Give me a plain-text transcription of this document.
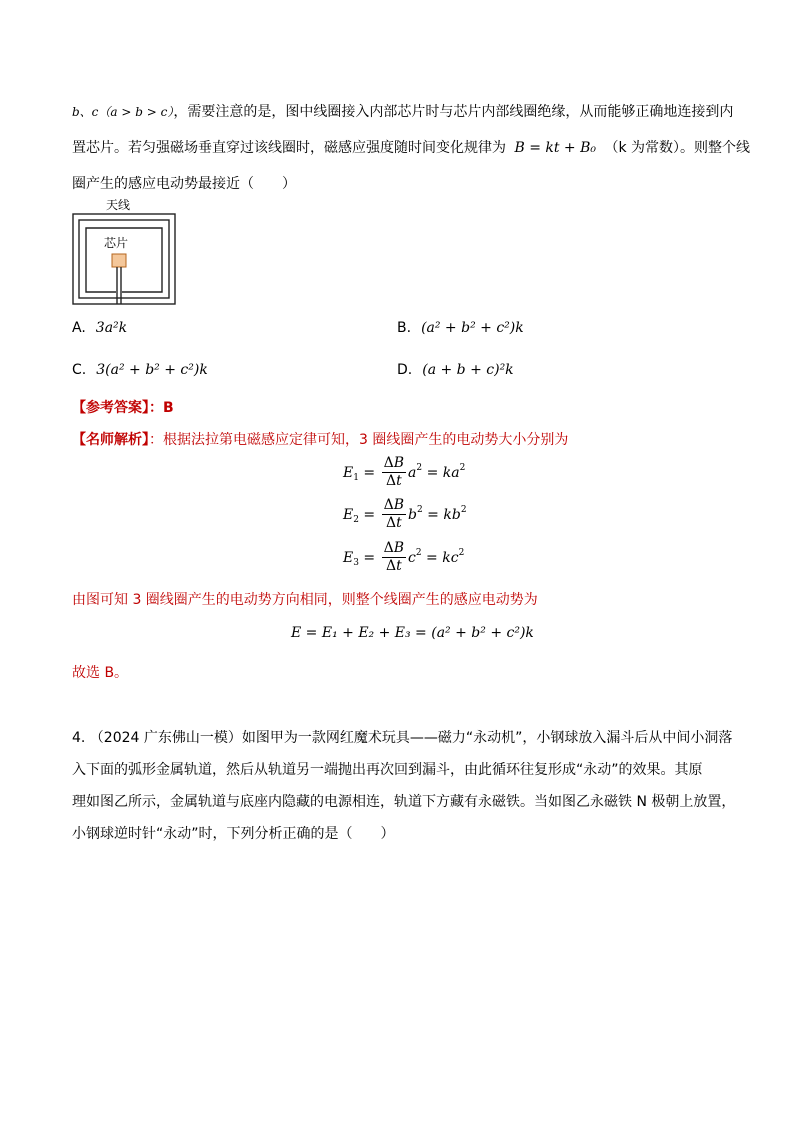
b、c（a > b > c），需要注意的是，图中线圈接入内部芯片时与芯片内部线圈绝缘，从而能够正确地连接到内
置芯片。若匀强磁场垂直穿过该线圈时，磁感应强度随时间变化规律为 B = kt + B₀ （k 为常数）。则整个线
圈产生的感应电动势最接近（　　）
天线
芯片
A. 3a²k	B. (a² + b² + c²)k
C. 3(a² + b² + c²)k	D. (a + b + c)²k
【参考答案】：B
【名师解析】：根据法拉第电磁感应定律可知，3 圈线圈产生的电动势大小分别为
$E_1 = \frac{\Delta B}{\Delta t} a^2 = ka^2$
$E_2 = \frac{\Delta B}{\Delta t} b^2 = kb^2$
$E_3 = \frac{\Delta B}{\Delta t} c^2 = kc^2$
由图可知 3 圈线圈产生的电动势方向相同，则整个线圈产生的感应电动势为
E = E₁ + E₂ + E₃ = (a² + b² + c²)k
故选 B。
4. （2024 广东佛山一模）如图甲为一款网红魔术玩具——磁力“永动机”，小钢球放入漏斗后从中间小洞落
入下面的弧形金属轨道，然后从轨道另一端抛出再次回到漏斗，由此循环往复形成“永动”的效果。其原
理如图乙所示，金属轨道与底座内隐藏的电源相连，轨道下方藏有永磁铁。当如图乙永磁铁 N 极朝上放置，
小钢球逆时针“永动”时，下列分析正确的是（　　）
